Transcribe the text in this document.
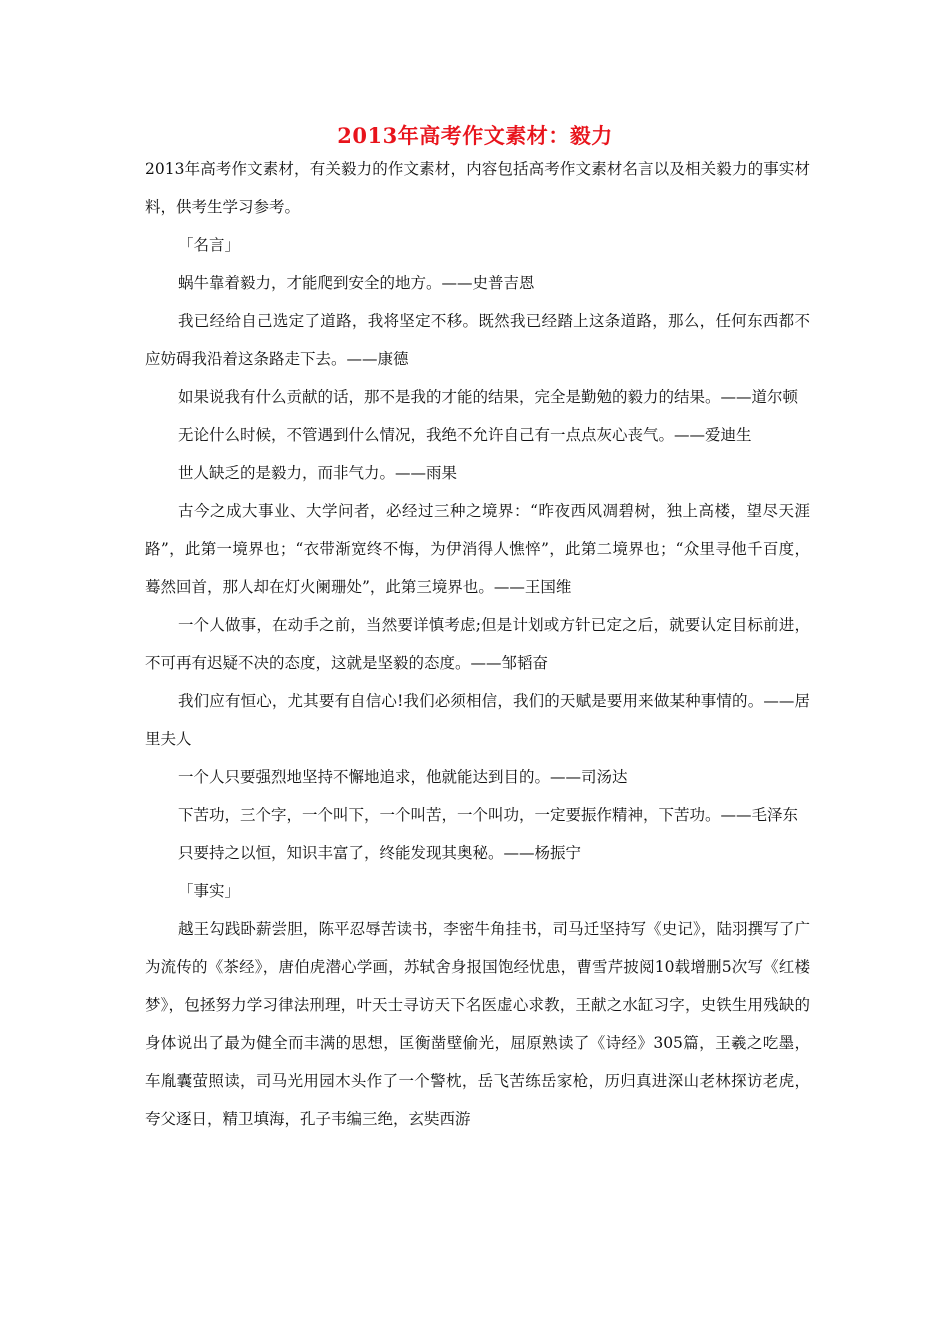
2013年高考作文素材：毅力

2013年高考作文素材，有关毅力的作文素材，内容包括高考作文素材名言以及相关毅力的事实材料，供考生学习参考。

「名言」

蜗牛靠着毅力，才能爬到安全的地方。——史普吉恩

我已经给自己选定了道路，我将坚定不移。既然我已经踏上这条道路，那么，任何东西都不应妨碍我沿着这条路走下去。——康德

如果说我有什么贡献的话，那不是我的才能的结果，完全是勤勉的毅力的结果。——道尔顿

无论什么时候，不管遇到什么情况，我绝不允许自己有一点点灰心丧气。——爱迪生

世人缺乏的是毅力，而非气力。——雨果

古今之成大事业、大学问者，必经过三种之境界：“昨夜西风凋碧树，独上高楼，望尽天涯路”，此第一境界也；“衣带渐宽终不悔，为伊消得人憔悴”，此第二境界也；“众里寻他千百度，蓦然回首，那人却在灯火阑珊处”，此第三境界也。——王国维

一个人做事，在动手之前，当然要详慎考虑;但是计划或方针已定之后，就要认定目标前进，不可再有迟疑不决的态度，这就是坚毅的态度。——邹韬奋

我们应有恒心，尤其要有自信心!我们必须相信，我们的天赋是要用来做某种事情的。——居里夫人

一个人只要强烈地坚持不懈地追求，他就能达到目的。——司汤达

下苦功，三个字，一个叫下，一个叫苦，一个叫功，一定要振作精神，下苦功。——毛泽东

只要持之以恒，知识丰富了，终能发现其奥秘。——杨振宁

「事实」

越王勾践卧薪尝胆，陈平忍辱苦读书，李密牛角挂书，司马迁坚持写《史记》，陆羽撰写了广为流传的《茶经》，唐伯虎潜心学画，苏轼舍身报国饱经忧患，曹雪芹披阅10载增删5次写《红楼梦》，包拯努力学习律法刑理，叶天士寻访天下名医虚心求教，王献之水缸习字，史铁生用残缺的身体说出了最为健全而丰满的思想，匡衡凿壁偷光，屈原熟读了《诗经》305篇，王羲之吃墨，车胤囊萤照读，司马光用园木头作了一个警枕，岳飞苦练岳家枪，历归真进深山老林探访老虎，夸父逐日，精卫填海，孔子韦编三绝，玄奘西游
